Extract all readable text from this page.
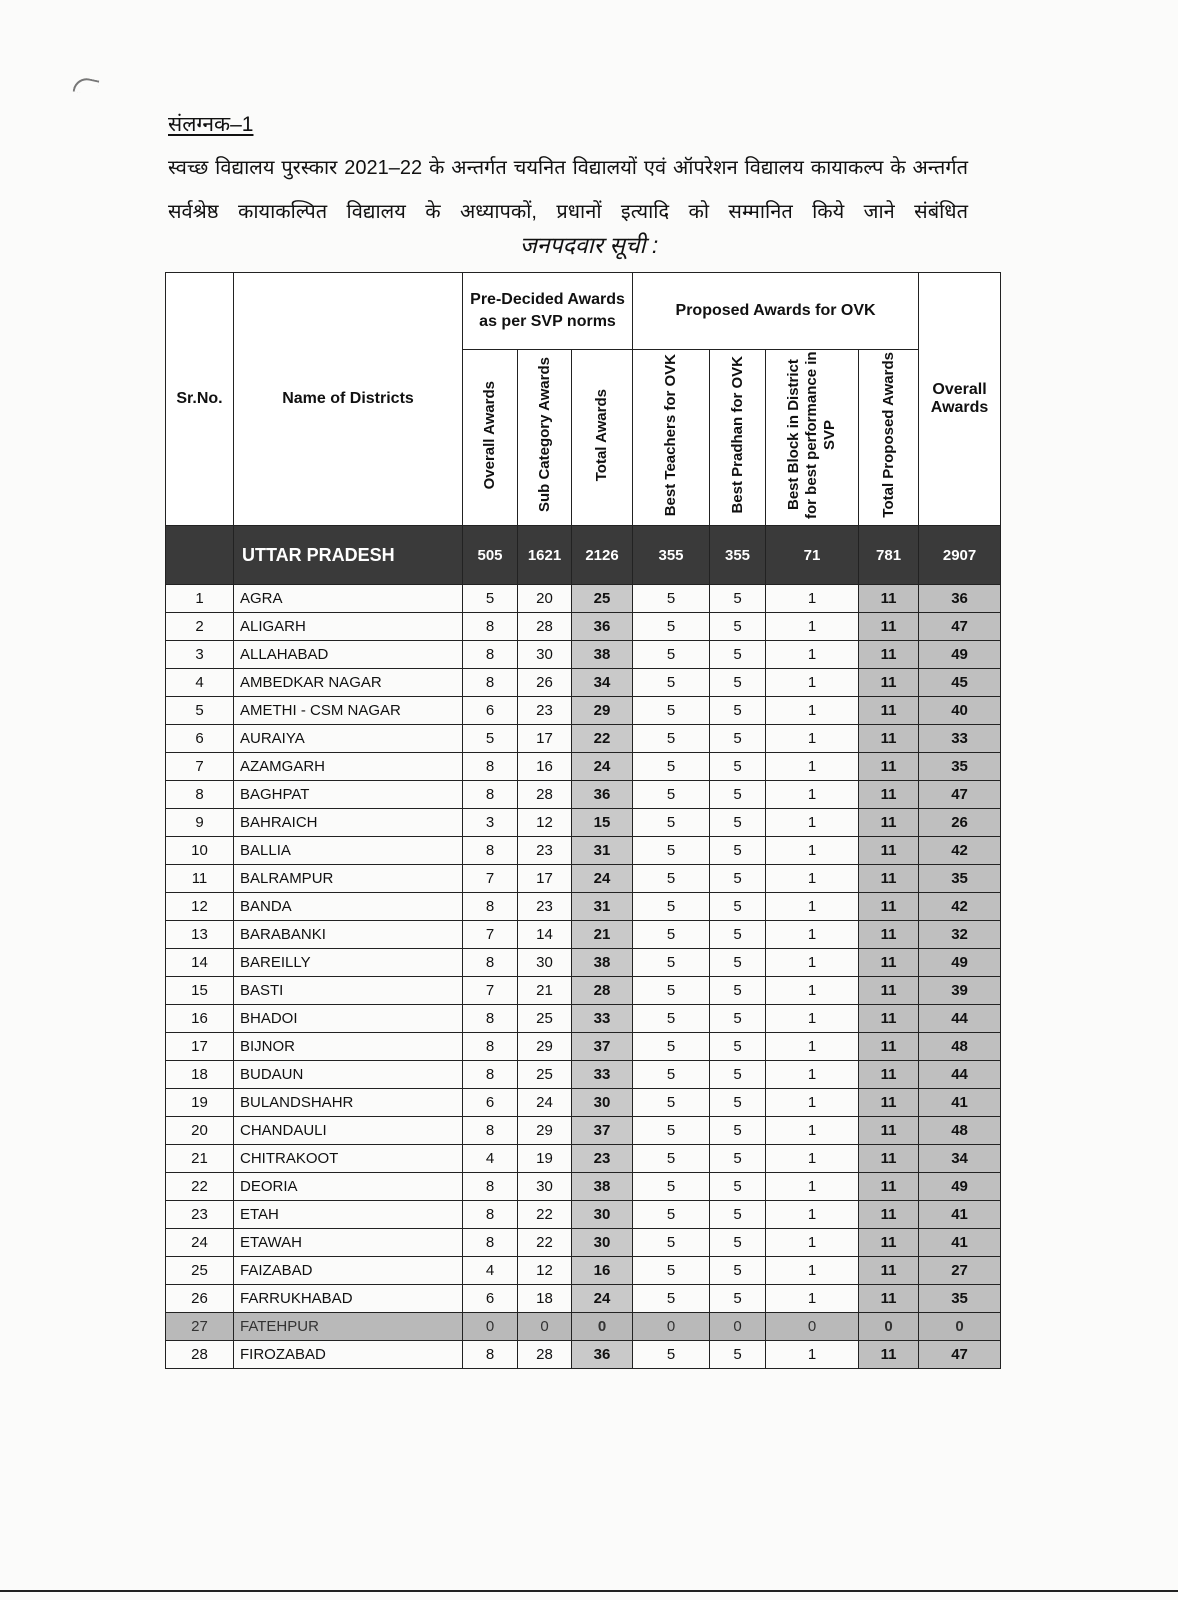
संलग्नक–1
स्वच्छ विद्यालय पुरस्कार 2021–22 के अन्तर्गत चयनित विद्यालयों एवं ऑपरेशन विद्यालय कायाकल्प के अन्तर्गत सर्वश्रेष्ठ कायाकल्पित विद्यालय के अध्यापकों, प्रधानों इत्यादि को सम्मानित किये जाने संबंधित
जनपदवार सूची :
Sr.No.	Name of Districts	Pre-Decided Awards as per SVP norms			Proposed Awards for OVK				Overall Awards
		Overall Awards	Sub Category Awards	Total Awards	Best Teachers for OVK	Best Pradhan for OVK	Best Block in District for best performance in SVP	Total Proposed Awards	
	UTTAR PRADESH	505	1621	2126	355	355	71	781	2907
1	AGRA	5	20	25	5	5	1	11	36
2	ALIGARH	8	28	36	5	5	1	11	47
3	ALLAHABAD	8	30	38	5	5	1	11	49
4	AMBEDKAR NAGAR	8	26	34	5	5	1	11	45
5	AMETHI - CSM NAGAR	6	23	29	5	5	1	11	40
6	AURAIYA	5	17	22	5	5	1	11	33
7	AZAMGARH	8	16	24	5	5	1	11	35
8	BAGHPAT	8	28	36	5	5	1	11	47
9	BAHRAICH	3	12	15	5	5	1	11	26
10	BALLIA	8	23	31	5	5	1	11	42
11	BALRAMPUR	7	17	24	5	5	1	11	35
12	BANDA	8	23	31	5	5	1	11	42
13	BARABANKI	7	14	21	5	5	1	11	32
14	BAREILLY	8	30	38	5	5	1	11	49
15	BASTI	7	21	28	5	5	1	11	39
16	BHADOI	8	25	33	5	5	1	11	44
17	BIJNOR	8	29	37	5	5	1	11	48
18	BUDAUN	8	25	33	5	5	1	11	44
19	BULANDSHAHR	6	24	30	5	5	1	11	41
20	CHANDAULI	8	29	37	5	5	1	11	48
21	CHITRAKOOT	4	19	23	5	5	1	11	34
22	DEORIA	8	30	38	5	5	1	11	49
23	ETAH	8	22	30	5	5	1	11	41
24	ETAWAH	8	22	30	5	5	1	11	41
25	FAIZABAD	4	12	16	5	5	1	11	27
26	FARRUKHABAD	6	18	24	5	5	1	11	35
27	FATEHPUR	0	0	0	0	0	0	0	0
28	FIROZABAD	8	28	36	5	5	1	11	47
